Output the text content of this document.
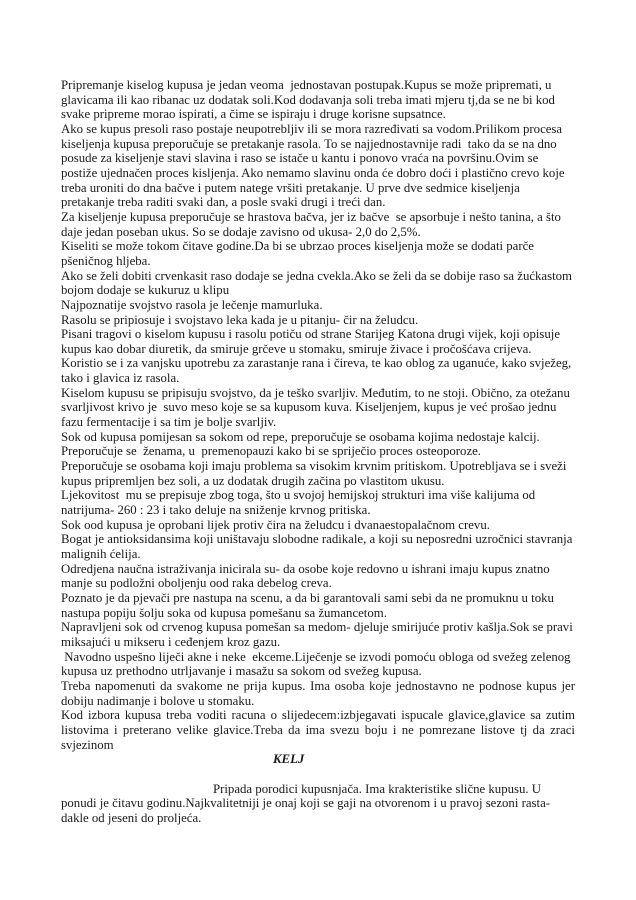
Pripremanje kiselog kupusa je jedan veoma  jednostavan postupak.Kupus se može pripremati, u
glavicama ili kao ribanac uz dodatak soli.Kod dodavanja soli treba imati mjeru tj,da se ne bi kod
svake pripreme morao ispirati, a čime se ispiraju i druge korisne supsatnce.
Ako se kupus presoli raso postaje neupotrebljiv ili se mora razređivati sa vodom.Prilikom procesa
kiseljenja kupusa preporučuje se pretakanje rasola. To se najjednostavnije radi  tako da se na dno
posude za kiseljenje stavi slavina i raso se istače u kantu i ponovo vraća na površinu.Ovim se
postiže ujednačen proces kisljenja. Ako nemamo slavinu onda će dobro doći i plastično crevo koje
treba uroniti do dna bačve i putem natege vršiti pretakanje. U prve dve sedmice kiseljenja
pretakanje treba raditi svaki dan, a posle svaki drugi i treći dan.
Za kiseljenje kupusa preporučuje se hrastova bačva, jer iz bačve  se apsorbuje i nešto tanina, a što
daje jedan poseban ukus. So se dodaje zavisno od ukusa- 2,0 do 2,5%.
Kiseliti se može tokom čitave godine.Da bi se ubrzao proces kiseljenja može se dodati parče
pšeničnog hljeba.
Ako se želi dobiti crvenkasit raso dodaje se jedna cvekla.Ako se želi da se dobije raso sa žućkastom
bojom dodaje se kukuruz u klipu
Najpoznatije svojstvo rasola je lečenje mamurluka.
Rasolu se pripiosuje i svojstavo leka kada je u pitanju- čir na želudcu.
Pisani tragovi o kiselom kupusu i rasolu potiču od strane Starijeg Katona drugi vijek, koji opisuje
kupus kao dobar diuretik, da smiruje grčeve u stomaku, smiruje živace i pročošćava crijeva.
Koristio se i za vanjsku upotrebu za zarastanje rana i čireva, te kao oblog za uganuće, kako svježeg,
tako i glavica iz rasola.
Kiselom kupusu se pripisuju svojstvo, da je teško svarljiv. Međutim, to ne stoji. Obično, za otežanu
svarljivost krivo je  suvo meso koje se sa kupusom kuva. Kiseljenjem, kupus je već prošao jednu
fazu fermentacije i sa tim je bolje svarljiv.
Sok od kupusa pomijesan sa sokom od repe, preporučuje se osobama kojima nedostaje kalcij.
Preporučuje se  ženama, u  premenopauzi kako bi se spriječio proces osteoporoze.
Preporučuje se osobama koji imaju problema sa visokim krvnim pritiskom. Upotrebljava se i sveži
kupus pripremljen bez soli, a uz dodatak drugih začina po vlastitom ukusu.
Ljekovitost  mu se prepisuje zbog toga, što u svojoj hemijskoj strukturi ima više kalijuma od
natrijuma- 260 : 23 i tako deluje na sniženje krvnog pritiska.
Sok ood kupusa je oprobani lijek protiv čira na želudcu i dvanaestopalačnom crevu.
Bogat je antioksidansima koji uništavaju slobodne radikale, a koji su neposredni uzročnici stavranja
malignih ćelija.
Odredjena naučna istraživanja inicirala su- da osobe koje redovno u ishrani imaju kupus znatno
manje su podložni oboljenju ood raka debelog creva.
Poznato je da pjevači pre nastupa na scenu, a da bi garantovali sami sebi da ne promuknu u toku
nastupa popiju šolju soka od kupusa pomešanu sa žumancetom.
Napravljeni sok od crvenog kupusa pomešan sa medom- djeluje smirijuće protiv kašlja.Sok se pravi
miksajući u mikseru i ceđenjem kroz gazu.
Navodno uspešno liječi akne i neke  ekceme.Liječenje se izvodi pomoću obloga od svežeg zelenog
kupusa uz prethodno utrljavanje i masažu sa sokom od svežeg kupusa.
Treba napomenuti da svakome ne prija kupus. Ima osoba koje jednostavno ne podnose kupus jer
dobiju nadimanje i bolove u stomaku.
Kod izbora kupusa treba voditi racuna o slijedecem:izbjegavati ispucale glavice,glavice sa zutim
listovima i preterano velike glavice.Treba da ima svezu boju i ne pomrezane listove tj da zraci
svjezinom
KELJ
Pripada porodici kupusnjača. Ima krakteristike slične kupusu. U
ponudi je čitavu godinu.Najkvalitetniji je onaj koji se gaji na otvorenom i u pravoj sezoni rasta-
dakle od jeseni do proljeća.
